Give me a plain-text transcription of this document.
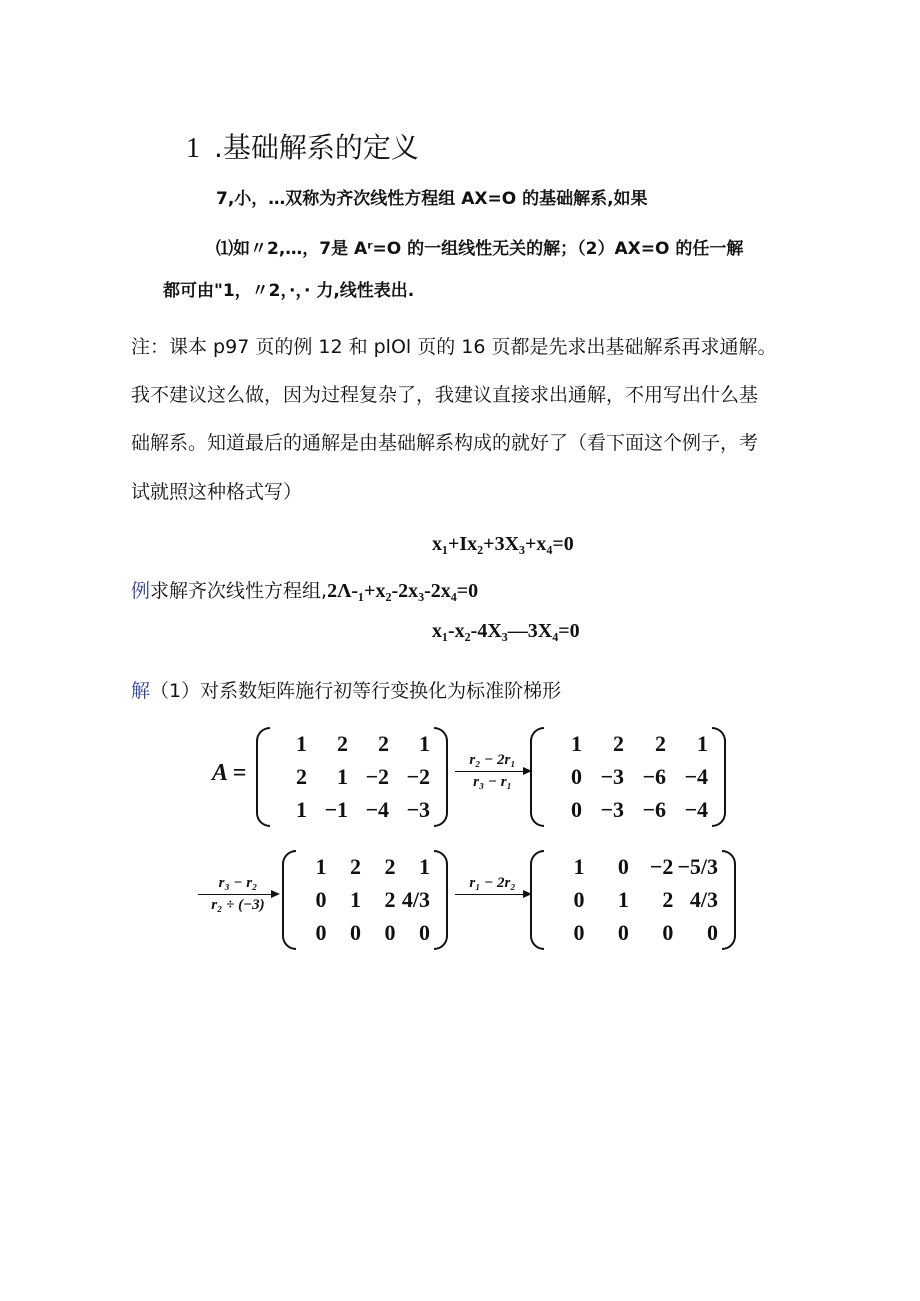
1 .基础解系的定义
7,小，…双称为齐次线性方程组 AX=O 的基础解系,如果
⑴如〃2,…，7是 Aʳ=O 的一组线性无关的解；（2）AX=O 的任一解
都可由"1，〃2，·，· 力,线性表出.
注：课本 p97 页的例 12 和 plOl 页的 16 页都是先求出基础解系再求通解。
我不建议这么做，因为过程复杂了，我建议直接求出通解，不用写出什么基
础解系。知道最后的通解是由基础解系构成的就好了（看下面这个例子，考
试就照这种格式写）
x₁+Ix₂+3X₃+x₄=0
例求解齐次线性方程组,2Λ-₁+x₂-2x₃-2x₄=0
x₁-x₂-4X₃—3X₄=0
解（1）对系数矩阵施行初等行变换化为标准阶梯形
A =
1	2	2	1
2	1 −2 −2
1 −1 −4 −3
r₂ − 2r₁
r₃ − r₁
1	2	2	1
0 −3 −6 −4
0 −3 −6 −4
r₃ − r₂
r₂ ÷ (−3)
1	2	2	1
0	1	2 4/3
0	0	0	0
r₁ − 2r₂
1	0 −2 −5/3
0	1	2 4/3
0	0	0	0
